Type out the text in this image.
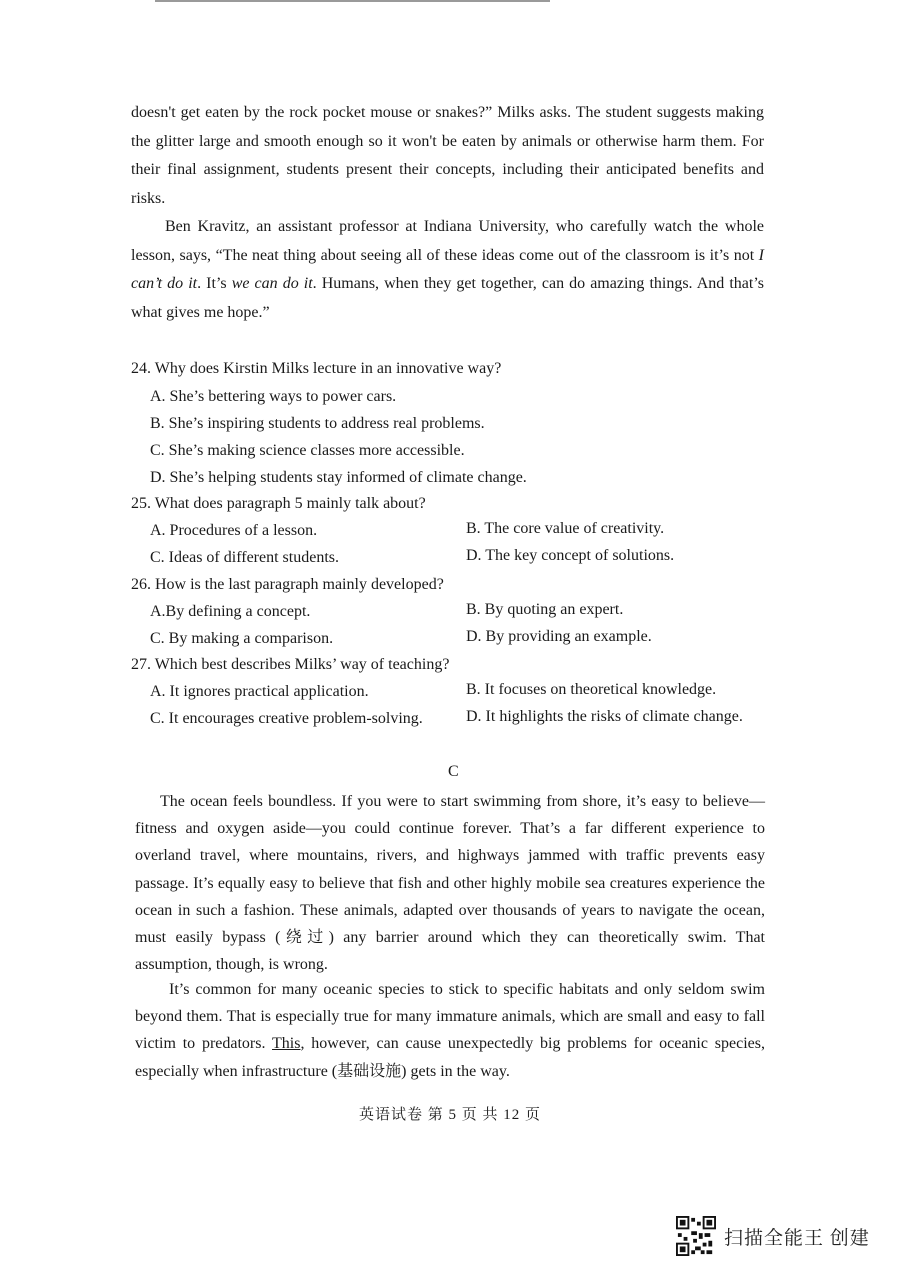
doesn't get eaten by the rock pocket mouse or snakes?” Milks asks. The student suggests making the glitter large and smooth enough so it won't be eaten by animals or otherwise harm them. For their final assignment, students present their concepts, including their anticipated benefits and risks.

Ben Kravitz, an assistant professor at Indiana University, who carefully watch the whole lesson, says, “The neat thing about seeing all of these ideas come out of the classroom is it’s not I can’t do it. It’s we can do it. Humans, when they get together, can do amazing things. And that’s what gives me hope.”

24. Why does Kirstin Milks lecture in an innovative way?
A. She’s bettering ways to power cars.
B. She’s inspiring students to address real problems.
C. She’s making science classes more accessible.
D. She’s helping students stay informed of climate change.
25. What does paragraph 5 mainly talk about?
A. Procedures of a lesson.	B. The core value of creativity.
C. Ideas of different students.	D. The key concept of solutions.
26. How is the last paragraph mainly developed?
A.By defining a concept.	B. By quoting an expert.
C. By making a comparison.	D. By providing an example.
27. Which best describes Milks’ way of teaching?
A. It ignores practical application.	B. It focuses on theoretical knowledge.
C. It encourages creative problem-solving.	D. It highlights the risks of climate change.
C

The ocean feels boundless. If you were to start swimming from shore, it’s easy to believe—fitness and oxygen aside—you could continue forever. That’s a far different experience to overland travel, where mountains, rivers, and highways jammed with traffic prevents easy passage. It’s equally easy to believe that fish and other highly mobile sea creatures experience the ocean in such a fashion. These animals, adapted over thousands of years to navigate the ocean, must easily bypass (绕过) any barrier around which they can theoretically swim. That assumption, though, is wrong.

It’s common for many oceanic species to stick to specific habitats and only seldom swim beyond them. That is especially true for many immature animals, which are small and easy to fall victim to predators. This, however, can cause unexpectedly big problems for oceanic species, especially when infrastructure (基础设施) gets in the way.

英语试卷 第 5 页 共 12 页
扫描全能王 创建
